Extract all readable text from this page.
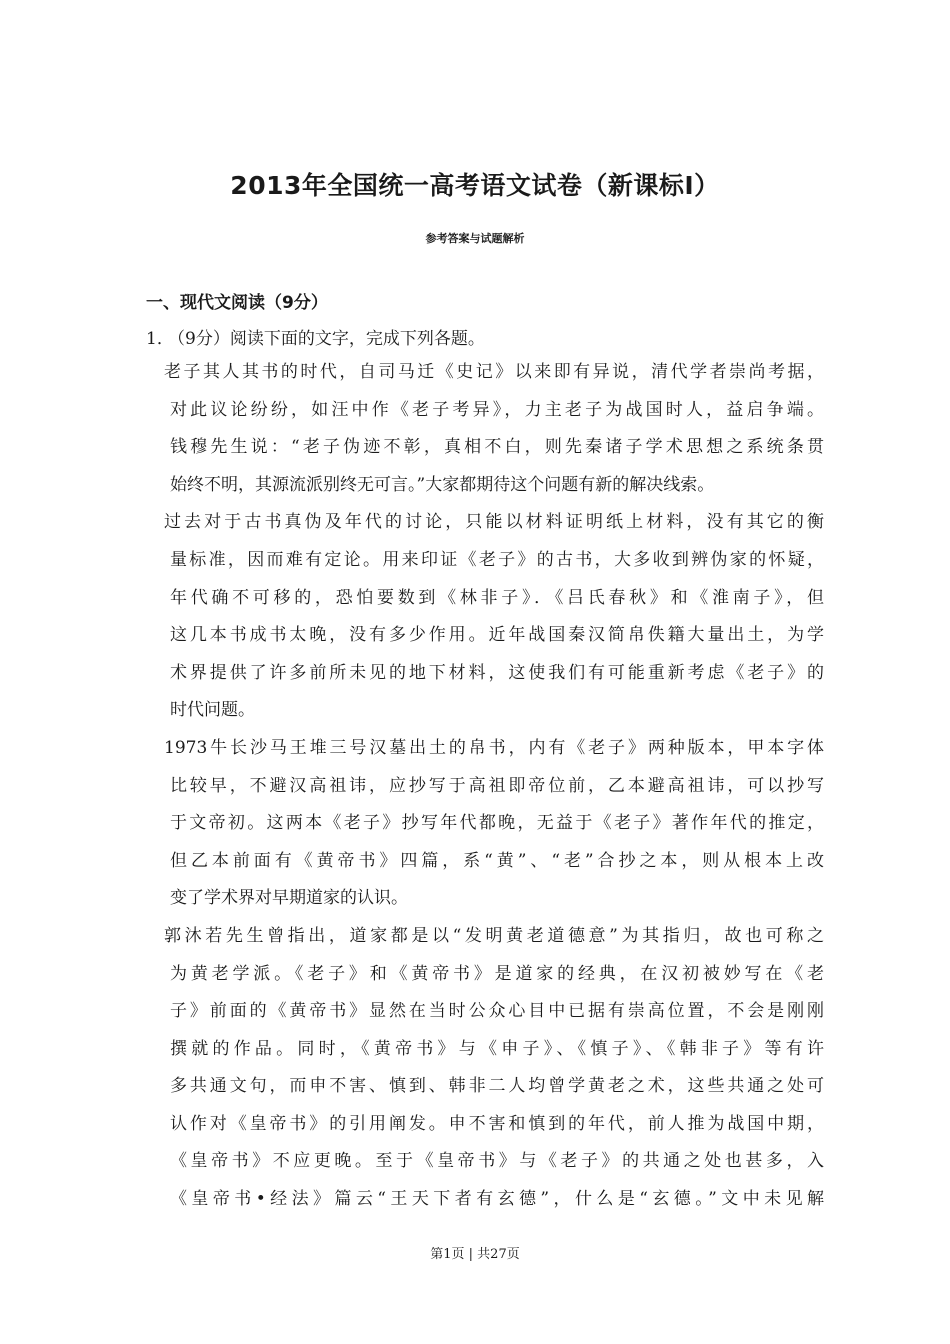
2013年全国统一高考语文试卷（新课标Ⅰ）
参考答案与试题解析
一、现代文阅读（9分）
1．（9分）阅读下面的文字，完成下列各题。
老子其人其书的时代，自司马迁《史记》以来即有异说，清代学者崇尚考据，
对此议论纷纷，如汪中作《老子考异》，力主老子为战国时人，益启争端。
钱穆先生说：“老子伪迹不彰，真相不白，则先秦诸子学术思想之系统条贯
始终不明，其源流派别终无可言。”大家都期待这个问题有新的解决线索。
过去对于古书真伪及年代的讨论，只能以材料证明纸上材料，没有其它的衡
量标准，因而难有定论。用来印证《老子》的古书，大多收到辨伪家的怀疑，
年代确不可移的，恐怕要数到《林非子》．《吕氏春秋》和《淮南子》，但
这几本书成书太晚，没有多少作用。近年战国秦汉简帛佚籍大量出土，为学
术界提供了许多前所未见的地下材料，这使我们有可能重新考虑《老子》的
时代问题。
1973牛长沙马王堆三号汉墓出土的帛书，内有《老子》两种版本，甲本字体
比较早，不避汉高祖讳，应抄写于高祖即帝位前，乙本避高祖讳，可以抄写
于文帝初。这两本《老子》抄写年代都晚，无益于《老子》著作年代的推定，
但乙本前面有《黄帝书》四篇，系“黄”、“老”合抄之本，则从根本上改
变了学术界对早期道家的认识。
郭沐若先生曾指出，道家都是以“发明黄老道德意”为其指归，故也可称之
为黄老学派。《老子》和《黄帝书》是道家的经典，在汉初被妙写在《老
子》前面的《黄帝书》显然在当时公众心目中已据有崇高位置，不会是刚刚
撰就的作品。同时，《黄帝书》与《申子》、《慎子》、《韩非子》等有许
多共通文句，而申不害、慎到、韩非二人均曾学黄老之术，这些共通之处可
认作对《皇帝书》的引用阐发。申不害和慎到的年代，前人推为战国中期，
《皇帝书》不应更晚。至于《皇帝书》与《老子》的共通之处也甚多，入
《皇帝书•经法》篇云“王天下者有玄德”，什么是“玄德。”文中未见解
第1页 | 共27页
